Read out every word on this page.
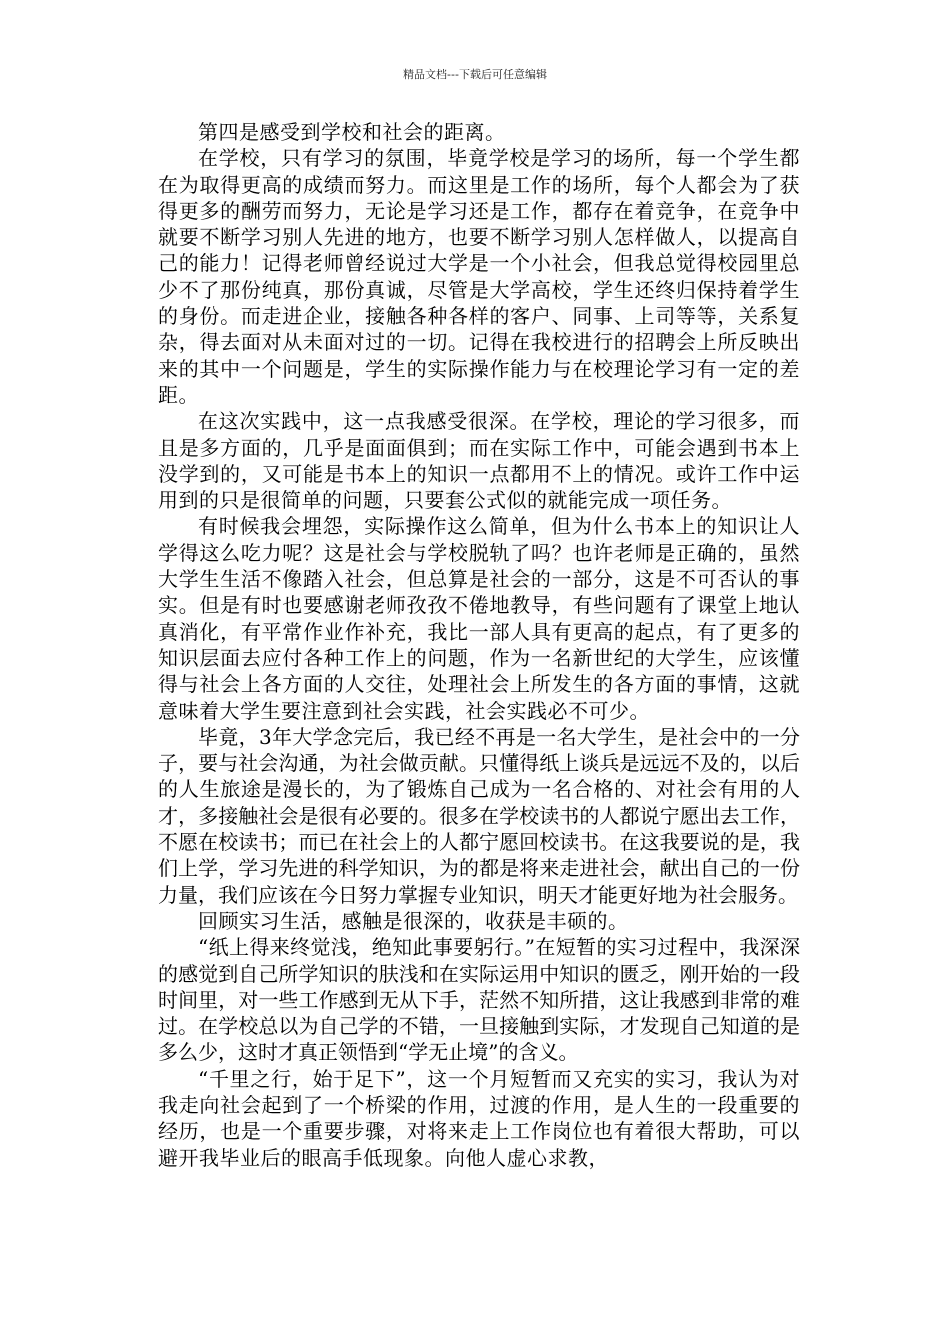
精品文档---下载后可任意编辑

第四是感受到学校和社会的距离。

在学校，只有学习的氛围，毕竟学校是学习的场所，每一个学生都在为取得更高的成绩而努力。而这里是工作的场所，每个人都会为了获得更多的酬劳而努力，无论是学习还是工作，都存在着竞争，在竞争中就要不断学习别人先进的地方，也要不断学习别人怎样做人，以提高自己的能力！记得老师曾经说过大学是一个小社会，但我总觉得校园里总少不了那份纯真，那份真诚，尽管是大学高校，学生还终归保持着学生的身份。而走进企业，接触各种各样的客户、同事、上司等等，关系复杂，得去面对从未面对过的一切。记得在我校进行的招聘会上所反映出来的其中一个问题是，学生的实际操作能力与在校理论学习有一定的差距。

在这次实践中，这一点我感受很深。在学校，理论的学习很多，而且是多方面的，几乎是面面俱到；而在实际工作中，可能会遇到书本上没学到的，又可能是书本上的知识一点都用不上的情况。或许工作中运用到的只是很简单的问题，只要套公式似的就能完成一项任务。

有时候我会埋怨，实际操作这么简单，但为什么书本上的知识让人学得这么吃力呢？这是社会与学校脱轨了吗？也许老师是正确的，虽然大学生生活不像踏入社会，但总算是社会的一部分，这是不可否认的事实。但是有时也要感谢老师孜孜不倦地教导，有些问题有了课堂上地认真消化，有平常作业作补充，我比一部人具有更高的起点，有了更多的知识层面去应付各种工作上的问题，作为一名新世纪的大学生，应该懂得与社会上各方面的人交往，处理社会上所发生的各方面的事情，这就意味着大学生要注意到社会实践，社会实践必不可少。

毕竟，3年大学念完后，我已经不再是一名大学生，是社会中的一分子，要与社会沟通，为社会做贡献。只懂得纸上谈兵是远远不及的，以后的人生旅途是漫长的，为了锻炼自己成为一名合格的、对社会有用的人才，多接触社会是很有必要的。很多在学校读书的人都说宁愿出去工作，不愿在校读书；而已在社会上的人都宁愿回校读书。在这我要说的是，我们上学，学习先进的科学知识，为的都是将来走进社会，献出自己的一份力量，我们应该在今日努力掌握专业知识，明天才能更好地为社会服务。

回顾实习生活，感触是很深的，收获是丰硕的。

“纸上得来终觉浅，绝知此事要躬行。”在短暂的实习过程中，我深深的感觉到自己所学知识的肤浅和在实际运用中知识的匮乏，刚开始的一段时间里，对一些工作感到无从下手，茫然不知所措，这让我感到非常的难过。在学校总以为自己学的不错，一旦接触到实际，才发现自己知道的是多么少，这时才真正领悟到“学无止境”的含义。

“千里之行，始于足下”，这一个月短暂而又充实的实习，我认为对我走向社会起到了一个桥梁的作用，过渡的作用，是人生的一段重要的经历，也是一个重要步骤，对将来走上工作岗位也有着很大帮助，可以避开我毕业后的眼高手低现象。向他人虚心求教，
